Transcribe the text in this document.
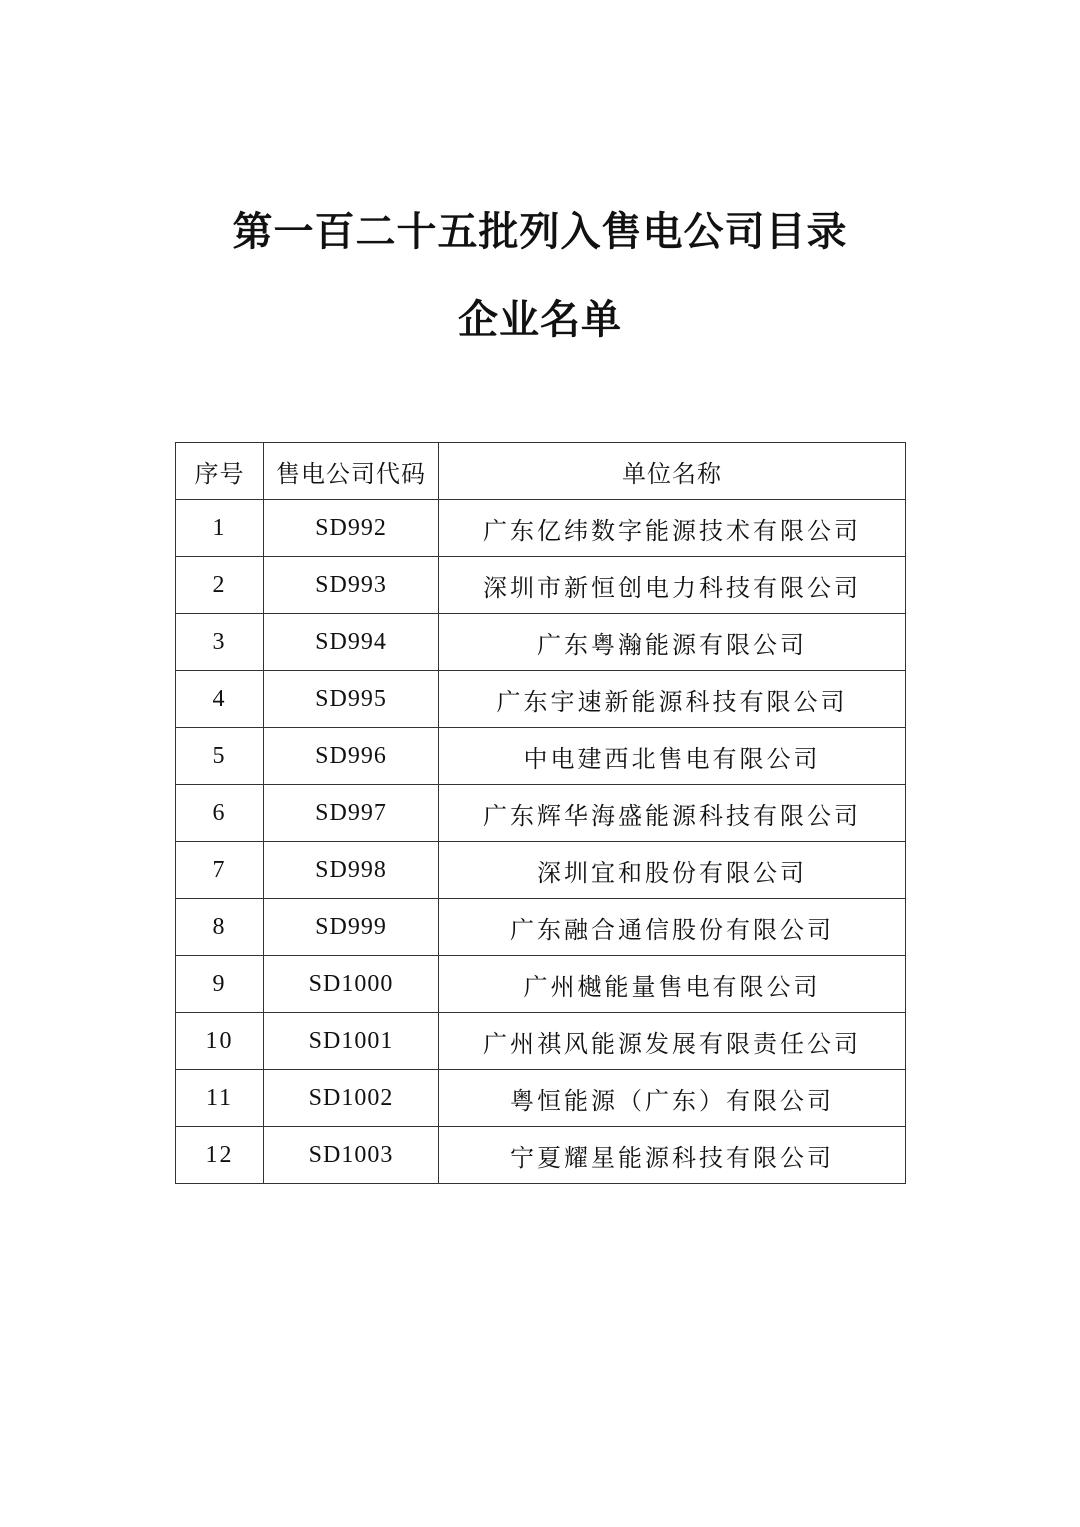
第一百二十五批列入售电公司目录
企业名单
序号	售电公司代码	单位名称
1	SD992	广东亿纬数字能源技术有限公司
2	SD993	深圳市新恒创电力科技有限公司
3	SD994	广东粤瀚能源有限公司
4	SD995	广东宇速新能源科技有限公司
5	SD996	中电建西北售电有限公司
6	SD997	广东辉华海盛能源科技有限公司
7	SD998	深圳宜和股份有限公司
8	SD999	广东融合通信股份有限公司
9	SD1000	广州樾能量售电有限公司
10	SD1001	广州祺风能源发展有限责任公司
11	SD1002	粤恒能源（广东）有限公司
12	SD1003	宁夏耀星能源科技有限公司
